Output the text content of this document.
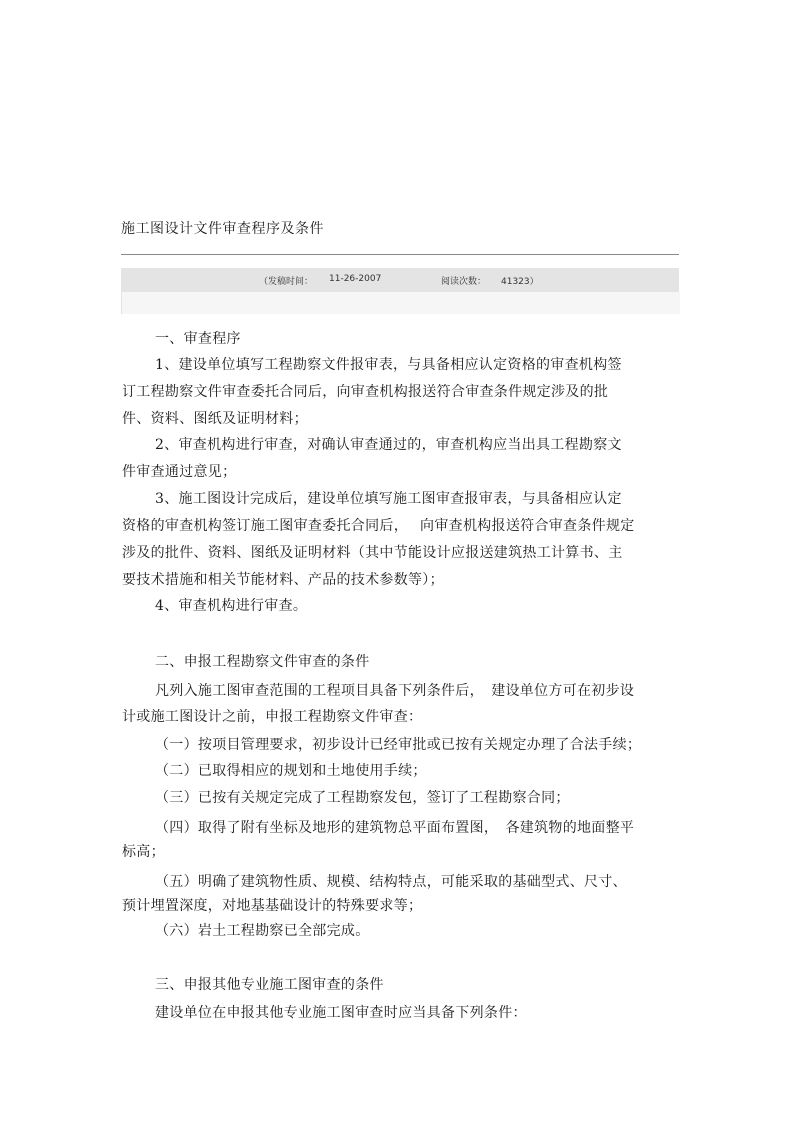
施工图设计文件审查程序及条件
（发稿时间： 11-26-2007	阅读次数： 41323）
一、审查程序
1、建设单位填写工程勘察文件报审表，与具备相应认定资格的审查机构签
订工程勘察文件审查委托合同后，向审查机构报送符合审查条件规定涉及的批
件、资料、图纸及证明材料；
2、审查机构进行审查，对确认审查通过的，审查机构应当出具工程勘察文
件审查通过意见；
3、施工图设计完成后，建设单位填写施工图审查报审表，与具备相应认定
资格的审查机构签订施工图审查委托合同后，　 向审查机构报送符合审查条件规定
涉及的批件、资料、图纸及证明材料（其中节能设计应报送建筑热工计算书、主
要技术措施和相关节能材料、产品的技术参数等）；
4、审查机构进行审查。
二、申报工程勘察文件审查的条件
凡列入施工图审查范围的工程项目具备下列条件后，　建设单位方可在初步设
计或施工图设计之前，申报工程勘察文件审查：
（一）按项目管理要求，初步设计已经审批或已按有关规定办理了合法手续；
（二）已取得相应的规划和土地使用手续；
（三）已按有关规定完成了工程勘察发包，签订了工程勘察合同；
（四）取得了附有坐标及地形的建筑物总平面布置图，　各建筑物的地面整平
标高；
（五）明确了建筑物性质、规模、结构特点，可能采取的基础型式、尺寸、
预计埋置深度，对地基基础设计的特殊要求等；
（六）岩土工程勘察已全部完成。
三、申报其他专业施工图审查的条件
建设单位在申报其他专业施工图审查时应当具备下列条件：
